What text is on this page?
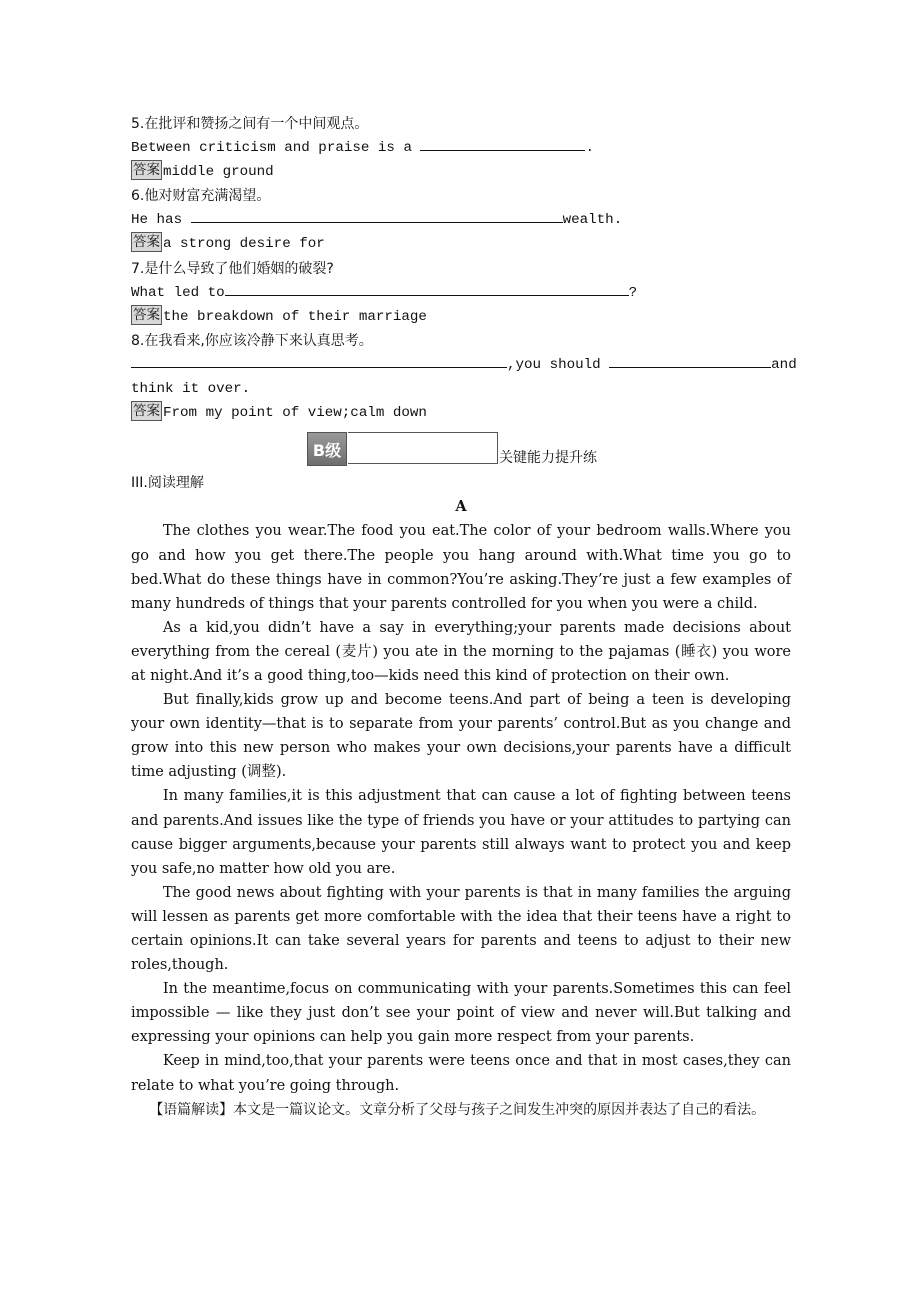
5.在批评和赞扬之间有一个中间观点。
Between criticism and praise is a	.
答案 middle ground
6.他对财富充满渴望。
He has	wealth.
答案 a strong desire for
7.是什么导致了他们婚姻的破裂?
What led to	?
答案 the breakdown of their marriage
8.在我看来,你应该冷静下来认真思考。
,you should	and
think it over.
答案 From my point of view;calm down
B级	关键能力提升练
III.阅读理解
A

The clothes you wear.The food you eat.The color of your bedroom walls.Where you go and how you get there.The people you hang around with.What time you go to bed.What do these things have in common?You’re asking.They’re just a few examples of many hundreds of things that your parents controlled for you when you were a child.

As a kid,you didn’t have a say in everything;your parents made decisions about everything from the cereal (麦片) you ate in the morning to the pajamas (睡衣) you wore at night.And it’s a good thing,too—kids need this kind of protection on their own.

But finally,kids grow up and become teens.And part of being a teen is developing your own identity—that is to separate from your parents’ control.But as you change and grow into this new person who makes your own decisions,your parents have a difficult time adjusting (调整).

In many families,it is this adjustment that can cause a lot of fighting between teens and parents.And issues like the type of friends you have or your attitudes to partying can cause bigger arguments,because your parents still always want to protect you and keep you safe,no matter how old you are.

The good news about fighting with your parents is that in many families the arguing will lessen as parents get more comfortable with the idea that their teens have a right to certain opinions.It can take several years for parents and teens to adjust to their new roles,though.

In the meantime,focus on communicating with your parents.Sometimes this can feel impossible — like they just don’t see your point of view and never will.But talking and expressing your opinions can help you gain more respect from your parents.

Keep in mind,too,that your parents were teens once and that in most cases,they can relate to what you’re going through.

【语篇解读】本文是一篇议论文。文章分析了父母与孩子之间发生冲突的原因并表达了自己的看法。
